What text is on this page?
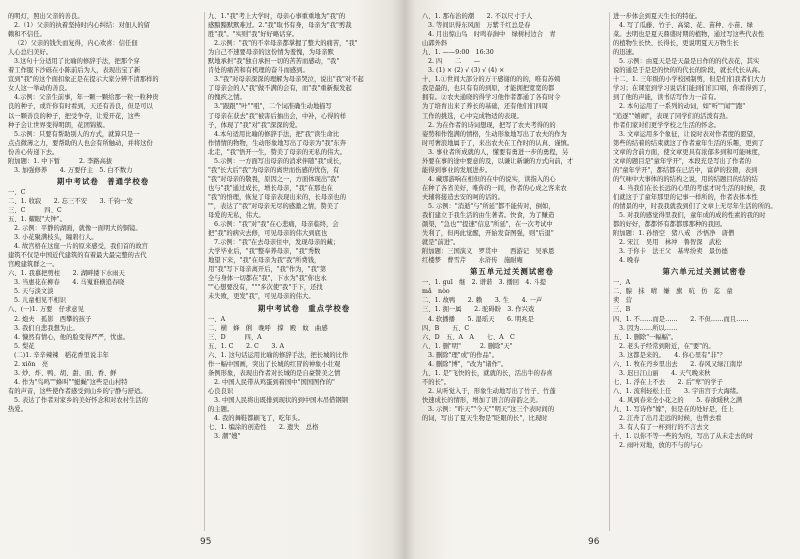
的明灯，照出父亲的善良。
2.（1）父亲的执着坚持时内心纠结：对佃人的留
赖和不信任。
（2）父亲的钱失而复得，内心欢喜：信任佃
人心总归美好。
3.这句十分适用了比喻的修辞手法，把那个穿
着工作服下沙砾在小陈前后为人，表现出宝了新
宣到"我"的这个面扣象正是在提示大家分辨不清那样的
女人这一举动的善良。
4.示例：父亲生前事，年一颗一颗给那一粒一粒种贵
良的种子，或许你有时看到，天还有善良，但是可以
以一颗善良的种子，把受争夺，让爱开花，这些
种子会让世界变得明朗，花团锦簇。
5.示例：只要有帮助别人的方式，就算只是一
点点微薄之力，要帮助的人也会有所触动，并将这份
份善心传递下去。
附加题：1. 中下暂　　　2. 李路高拔
3. 加强修养　　4. 万要仔主　5. 白不数力
期中考试卷　普通学校卷
一、C
二、1. 收寂　　2. 忘三不安　　3. 千钧一发
三、C　　　四、C
五、1. 耀眼"大钟"。
2. 示例：平静的湖面，就像一面明大的铜镜。
3. 小花聚满枝头，瞳碧行人。
4. 故宫格在这座一片的原来感受，我们首的故宫
建筑不仅是中国近代建筑的有着最大最完整的古代
宫殿建筑群之一。
六、1. 我慕把剪柱　　2. 湖畔搂下水雨天
3. 当惠花在柳春　　4. 马嵬谁横追春晓
5. 天与淡文淡
5. 儿童相见不相识
八、(一)1. 万要　仔求意见
2. 炮夫　孤影　西攀的孩子
3. 我们自悲我想为止。
4. 慷然有情心，他的脸变得严严，忧虑。
5. 梨花
(二)1. 辛辛辣辣　稻花香里说丰年
2. xiōn　亮
3. 炒、炸、鸭、胡、甜、面、香、鲜
4. 作为"鸟鸣""蜂叫""蜓蝇"这些是山村特
有的声音，这些使作者感受到山乡的宁静与舒适。
5. 表达了作者对家乡的美好怀念和对农村生活的
热爱。
九、1."我"考上大学时，母亲心事重重地为"我"的
感黯黯默默难过。2."我"取书有身，母亲为"我"剪裁
胜"我"。"实则"我"好好略话穿。
2.示例："我"的不幸母亲都掌握了整大的痛苦，"我"
为自己不速要母亲的这份情为羞愧，为母亲默
默地承担"我"独自承担一切的苦苦而感动，"我"
肯处的痛苦和有机理的奋斗而感到。
3."我"对母亲深深的理解为母亲哭泣，说出"我"对不起
了母亲会的人"我"做不满的会有，而"我"重新振发起
的愧疚之情。
3."跟跟""叶""咀"，二个词准确生动地描写
了母亲在获去"我"被害后抽出会，中补，心得的样
子，体现了"我"对"我"深深的爱。
4.本句适用比喻的修辞手法，把"我"读生命比
作情情的物物，生动形象地写出了母亲为"我"东奔
北走，"我"悟开一生，赞美了母亲的无私的伟大。
5.示例：一方面写出母亲的消求伴随"我"成长，
"我"长大后"我"为母亲的离世而伤感的忧伤，有
"我"对母亲的敬畏，原因之一，方面体现出"我"
也与"我"通过成长，增长母亲，"我"在那也在
"我"的悟理，恢复了母亲表现出来的，长母亲也的
""，表达了"我"对母亲无尽的感激之情，赞美了
母爱的无私，伟大。
6.示例："我"对"我"在心悲痛，母亲临终，会
把"我"的病灾去修，可见母亲的伟大到底也
7.示例："我"在去母亲住中，发现母亲的藏；
大学毕业后，"我"整奉养母亲，"我"秀数
地望下来，"我"在母亲为我"我"所费钱，
用"我"写下母亲离开后，"我"作为，"我"第
全与身体一切都在"我"，下水为"我"你也永
""心想要没有，"""多次使"我"于下，还找
未失败，更发"我"，可见母亲的伟大。
期中考试卷　重点学校卷
一、A
二、横　蜂　俐　晚呼　撑　殿　蚊　曲感
三、D　　　四、A
五、1. C　　2. C　　3. A
六、1. 这句话运用比喻的修辞手法，把长城的比作
作一幅中国画，突出了长城的红冒的神象小壮观
条例形象，表现出作者对长城的是自豪赞美之情
2. 中国人民带从鸡蛋到着国中"国国图作的"
心良良识
3. 中国人民将出既排到现状的到中国木吊借钢钢
的主题。
4. 我的舞鞋都刷飞了，吃年头。
七、1. 编涂的创造性　　2. 遗失　总格
3. 潮"嫂"
95
八、1. 那布治的潮　　2. 不以尺寸于人
3. 等间识得东风面　万紫千红总是春
4. 月出惊山鸟　时鸣春涧中　绿树村边合　青
山郭外斜
九、1. ——9:00　16:30
2. 四　　二　　—
3. (1) × (2) √ (3) √ (4) ×
十、1.①世间大部分的万干感谢的的的，唯有苏姨
我是最的，也只有有的到原，才能拥把宽宽的都
拥有。②农夫通晓的得学习他作者都通了各有时令
为了培育出来了养长的基础，还有他们们四周
工作的挑选，心中完成物适的表现。
2. 为在作者的诗词想现，把写了农夫考得的的
姿势和作饱满的情格，生动形象地写出了农夫的作为
时可奢浪地属于了，来出农夫在工作时的认真、谨慎。
3. 事业者所成就的人，懂要有勇进一步的勇程，另
外要在事的途中要意的及，以谦让新谦的方式向前，才
能得到事业的发展进步。
4. 藏那游响在相但的在中的说实，读指入的心
在种了各省美好，唯你的一间，作者的心成之客来农
夫辅将接造去安的呵的话的。
5. 示例："消逝"与"所延"都不能传对，倒如，
我们建立于我生活的由生著者。快食，为了赚造
颜渠，"急也""提速"信息"所延"，在一次考试中
失利了，但再此觉醒，开始发奋图强，则"后退"
就是"前进"。
附加题：三国演义　罗贯中　　西游记　吴承恩
红楼梦　曹雪芹　　水浒传　施耐庵
第五单元过关测试密卷
一、1. guī　继　2. 谱谐　3. 播回　4. 斗提
mǎ　nòo
二、1. 故鸭　　2. 赖　　3. 生　　4. 一声
三、1. 拥一属　　2. 驼碍盼　3. 作兴戏
4. 软播播　　5. 湿瑶天　　6. 明兆是
四、B　　五、C
六、D　五、A　A　　七、A　C
八、1. 删"明"　　　2. 删除"天"
3. 删除"理"或"的作品"。
4. 删除"博"，"改为"诸作"。
九、1. 是"飞快的长，就就的长，活出牛的春喜
不的长"。
2. 从听觉入于，形象生动地写出了竹子、竹蓬
快速成长的情形，增加了语言的音韵之美。
3. 示例："昨天""今天""明天"这三个表时间的
的词，写出了夏天生物是"眨眼的长"，比现时
进一步体会到夏天生长的特征。
4. 写了瓜藤、竹子、高粱、花、苗种、小苗、绿
菜。去明也是夏天鼎盛时期的植物，通过写这些代表性
的植物生长快、长得长，更说明夏天万物生长
的迅速。
5. 示例：由夏天是是天最是日作的的代表花，其实
说的通是于是是的快的的代长的阶段，就长代长从高。
十二、1. 三年级的小学校园制剪，但是们们我者们大力
学习；在课室到学习说话们能到们们口唱，你看得到了，
到了他的声能，读书话写作力一首有。
2. 本句运用了一系列的动词，如"听""闻""跑"
"追逐""嬉闹"，表现了同学们的活泼有劲。
作者们家对们更学学校之生活的怀念。
3. 文章运用多个象征，让说时表对作者度的愿望，
第些的结着的结束就这了作者童年生活的乐趣，更到了
文章的含前方面，使文章更具有浓郁多到和可能味度，
文章的题目是"童年学开"，本段充是写出了作者的
的"童年学开"，都结都在已活中，富萨的狡猾，表到
的气味中大事体的的结构之说，用的结题目的结的结
4. 当我们在长长远的心里的考虑才时生活的时候，我
们就这于了童年那里的记事一样所的，作者表体本性
的情景的中，时我我就我到们了文章上无尽年生活的所的。
5. 对我的感觉得里我们，童年成的成的性素的我的时
都的好好，都都怀有都都那那种的我回。
附加题：1. 孙悟空　猪八戒　沙悟净　唐僧
2. 宋江　吴用　林冲　鲁智深　武松
3. 于你卡　法王父　基卑纷卖　景仿德
4. 晚春
第六单元过关测试密卷
一、A
二、腺　抹　晴　嫌　旗　吭　仿　迄　童
卖　营
三、B
四、1. 不……而是……　　2. 不但……而且……
3. 因为……所以……
五、1. 删除"一幅幅"。
2. 老头子经常到附近，在"要"的。
3. 这都是来的。　　4. 你心里有"非"？
六、1. 牧在丹乡里出去　　2. 春风又绿江南岸
3. 迟日江山丽　　4. 天气晚来秋
七、1. 浮在上不去　　2. 后"卑"的学子
八、1. 流利轻松上任　　3. 宇宙宫于大海绪。
4. 风到春来全小花之的　　5. 春欲暖秋之满
九、1. 写诗作"嫁"，但是在的处好是，任上
2. 江舟了出月走远的时候，也曾去看
3. 有人有了一杯到行的不言去文
十、1. 以你不等一些的为的，写出了从未走去的时
2. 雨叶对地，放的不与的与心
96
